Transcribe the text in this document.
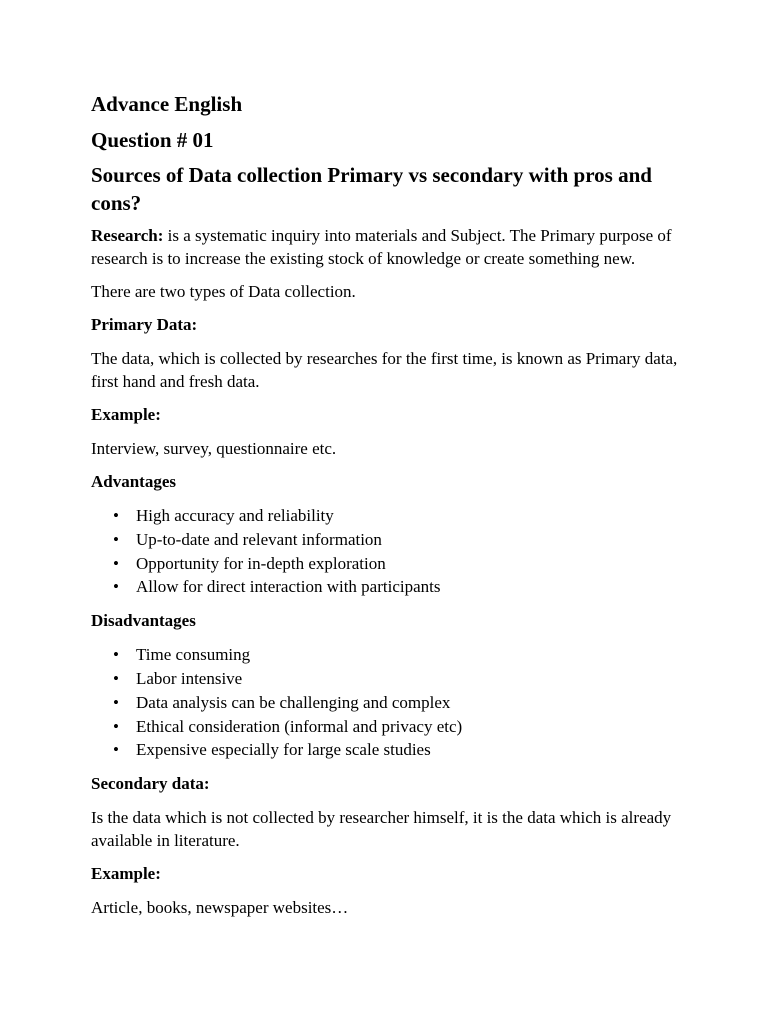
Advance English
Question # 01
Sources of Data collection Primary vs secondary with pros and cons?

Research: is a systematic inquiry into materials and Subject. The Primary purpose of research is to increase the existing stock of knowledge or create something new.

There are two types of Data collection.

Primary Data:

The data, which is collected by researches for the first time, is known as Primary data, first hand and fresh data.

Example:

Interview, survey, questionnaire etc.

Advantages
• High accuracy and reliability
• Up-to-date and relevant information
• Opportunity for in-depth exploration
• Allow for direct interaction with participants
Disadvantages
• Time consuming
• Labor intensive
• Data analysis can be challenging and complex
• Ethical consideration (informal and privacy etc)
• Expensive especially for large scale studies
Secondary data:

Is the data which is not collected by researcher himself, it is the data which is already available in literature.

Example:

Article, books, newspaper websites…
